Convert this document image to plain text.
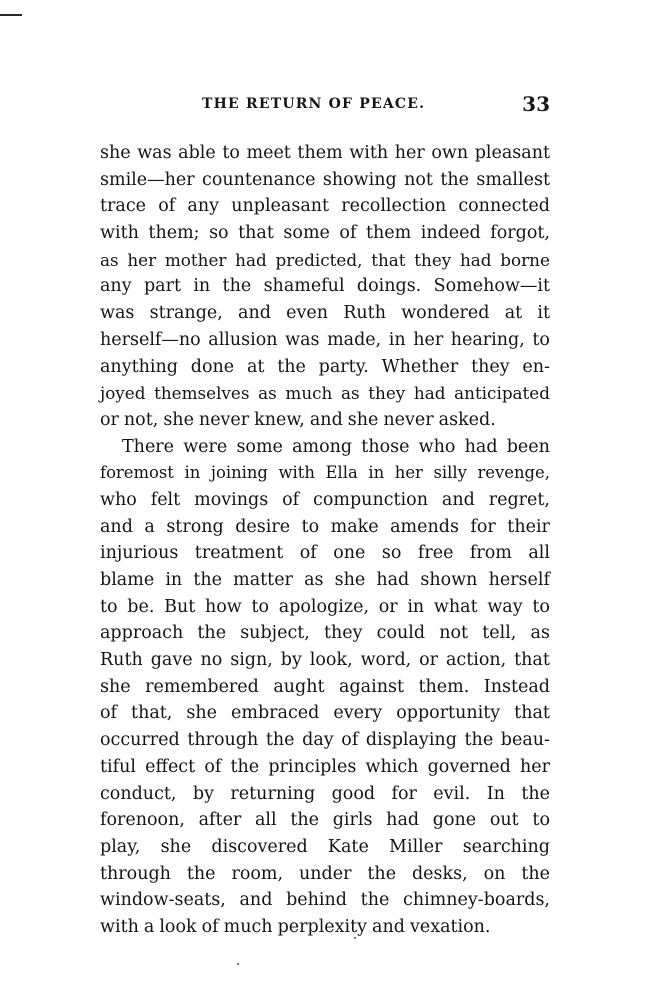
THE RETURN OF PEACE.	33
she was able to meet them with her own pleasant
smile—her countenance showing not the smallest
trace of any unpleasant recollection connected
with them; so that some of them indeed forgot,
as her mother had predicted, that they had borne
any part in the shameful doings. Somehow—it
was strange, and even Ruth wondered at it
herself—no allusion was made, in her hearing, to
anything done at the party. Whether they en-
joyed themselves as much as they had anticipated
or not, she never knew, and she never asked.
There were some among those who had been
foremost in joining with Ella in her silly revenge,
who felt movings of compunction and regret,
and a strong desire to make amends for their
injurious treatment of one so free from all
blame in the matter as she had shown herself
to be. But how to apologize, or in what way to
approach the subject, they could not tell, as
Ruth gave no sign, by look, word, or action, that
she remembered aught against them. Instead
of that, she embraced every opportunity that
occurred through the day of displaying the beau-
tiful effect of the principles which governed her
conduct, by returning good for evil. In the
forenoon, after all the girls had gone out to
play, she discovered Kate Miller searching
through the room, under the desks, on the
window-seats, and behind the chimney-boards,
with a look of much perplexity and vexation.
